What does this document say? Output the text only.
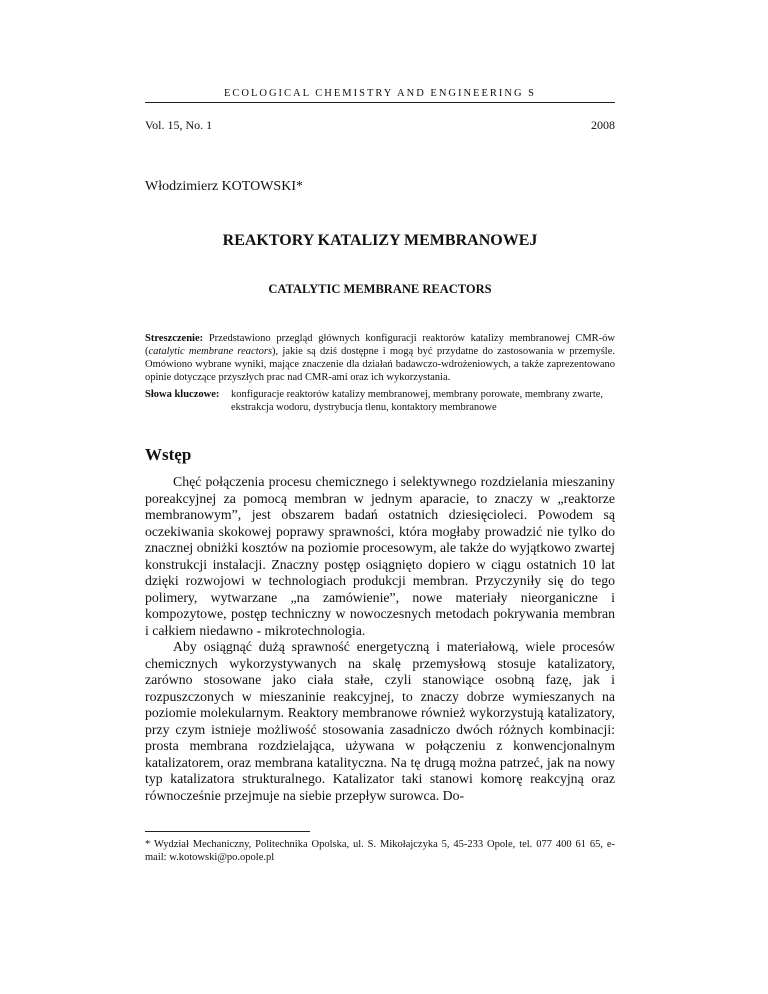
ECOLOGICAL CHEMISTRY AND ENGINEERING S
Vol. 15, No. 1	2008
Włodzimierz KOTOWSKI*
REAKTORY KATALIZY MEMBRANOWEJ
CATALYTIC MEMBRANE REACTORS
Streszczenie: Przedstawiono przegląd głównych konfiguracji reaktorów katalizy membranowej CMR-ów (catalytic membrane reactors), jakie są dziś dostępne i mogą być przydatne do zastosowania w przemyśle. Omówiono wybrane wyniki, mające znaczenie dla działań badawczo-wdrożeniowych, a także zaprezentowano opinie dotyczące przyszłych prac nad CMR-ami oraz ich wykorzystania.
Słowa kluczowe: konfiguracje reaktorów katalizy membranowej, membrany porowate, membrany zwarte, ekstrakcja wodoru, dystrybucja tlenu, kontaktory membranowe
Wstęp

Chęć połączenia procesu chemicznego i selektywnego rozdzielania mieszaniny poreakcyjnej za pomocą membran w jednym aparacie, to znaczy w „reaktorze membranowym”, jest obszarem badań ostatnich dziesięcioleci. Powodem są oczekiwania skokowej poprawy sprawności, która mogłaby prowadzić nie tylko do znacznej obniżki kosztów na poziomie procesowym, ale także do wyjątkowo zwartej konstrukcji instalacji. Znaczny postęp osiągnięto dopiero w ciągu ostatnich 10 lat dzięki rozwojowi w technologiach produkcji membran. Przyczyniły się do tego polimery, wytwarzane „na zamówienie”, nowe materiały nieorganiczne i kompozytowe, postęp techniczny w nowoczesnych metodach pokrywania membran i całkiem niedawno - mikrotechnologia.

Aby osiągnąć dużą sprawność energetyczną i materiałową, wiele procesów chemicznych wykorzystywanych na skalę przemysłową stosuje katalizatory, zarówno stosowane jako ciała stałe, czyli stanowiące osobną fazę, jak i rozpuszczonych w mieszaninie reakcyjnej, to znaczy dobrze wymieszanych na poziomie molekularnym. Reaktory membranowe również wykorzystują katalizatory, przy czym istnieje możliwość stosowania zasadniczo dwóch różnych kombinacji: prosta membrana rozdzielająca, używana w połączeniu z konwencjonalnym katalizatorem, oraz membrana katalityczna. Na tę drugą można patrzeć, jak na nowy typ katalizatora strukturalnego. Katalizator taki stanowi komorę reakcyjną oraz równocześnie przejmuje na siebie przepływ surowca. Do-

* Wydział Mechaniczny, Politechnika Opolska, ul. S. Mikołajczyka 5, 45-233 Opole, tel. 077 400 61 65, e-mail: w.kotowski@po.opole.pl
